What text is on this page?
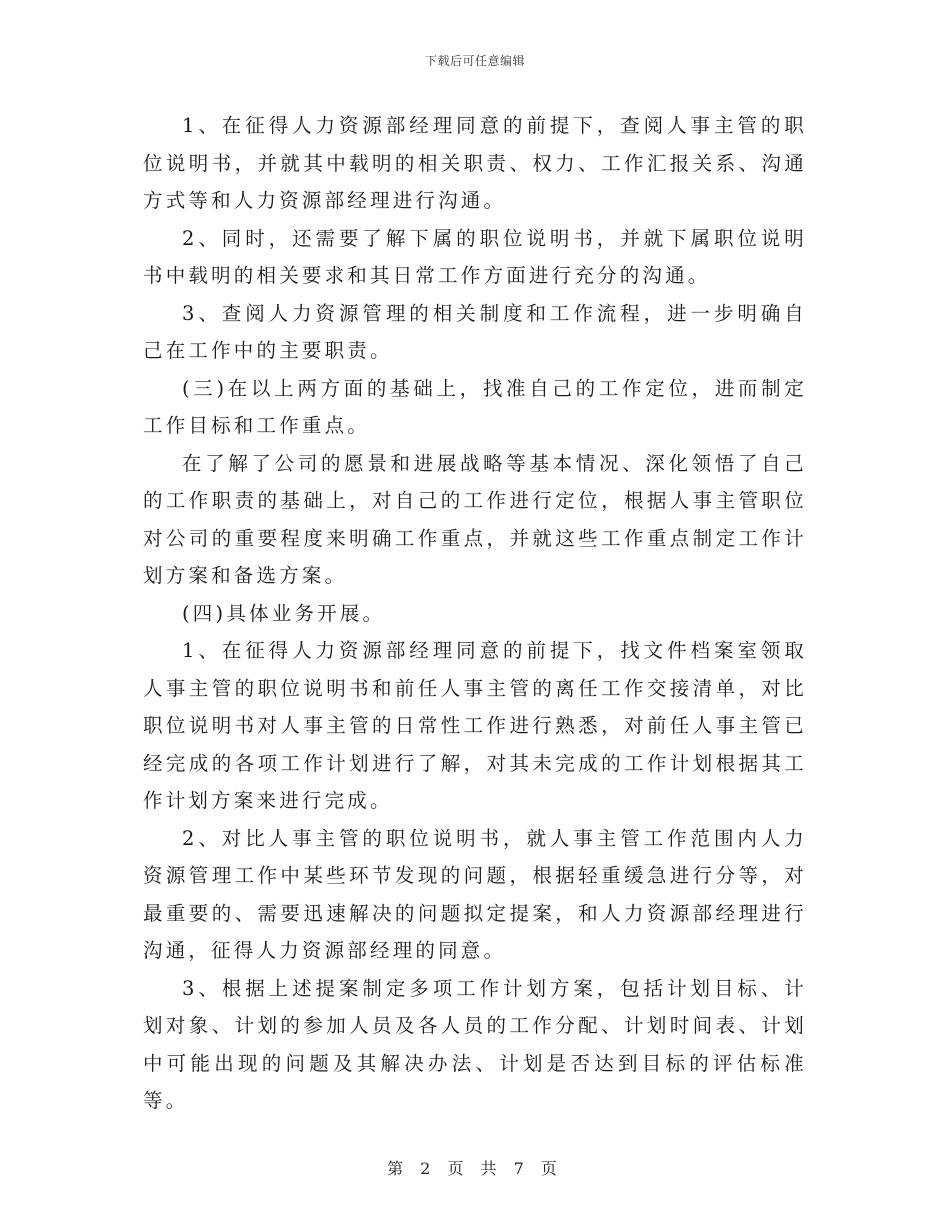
下载后可任意编辑

1、在征得人力资源部经理同意的前提下，查阅人事主管的职位说明书，并就其中载明的相关职责、权力、工作汇报关系、沟通方式等和人力资源部经理进行沟通。

2、同时，还需要了解下属的职位说明书，并就下属职位说明书中载明的相关要求和其日常工作方面进行充分的沟通。

3、查阅人力资源管理的相关制度和工作流程，进一步明确自己在工作中的主要职责。

(三)在以上两方面的基础上，找准自己的工作定位，进而制定工作目标和工作重点。

在了解了公司的愿景和进展战略等基本情况、深化领悟了自己的工作职责的基础上，对自己的工作进行定位，根据人事主管职位对公司的重要程度来明确工作重点，并就这些工作重点制定工作计划方案和备选方案。

(四)具体业务开展。

1、在征得人力资源部经理同意的前提下，找文件档案室领取人事主管的职位说明书和前任人事主管的离任工作交接清单，对比职位说明书对人事主管的日常性工作进行熟悉，对前任人事主管已经完成的各项工作计划进行了解，对其未完成的工作计划根据其工作计划方案来进行完成。

2、对比人事主管的职位说明书，就人事主管工作范围内人力资源管理工作中某些环节发现的问题，根据轻重缓急进行分等，对最重要的、需要迅速解决的问题拟定提案，和人力资源部经理进行沟通，征得人力资源部经理的同意。

3、根据上述提案制定多项工作计划方案，包括计划目标、计划对象、计划的参加人员及各人员的工作分配、计划时间表、计划中可能出现的问题及其解决办法、计划是否达到目标的评估标准等。

第 2 页 共 7 页
